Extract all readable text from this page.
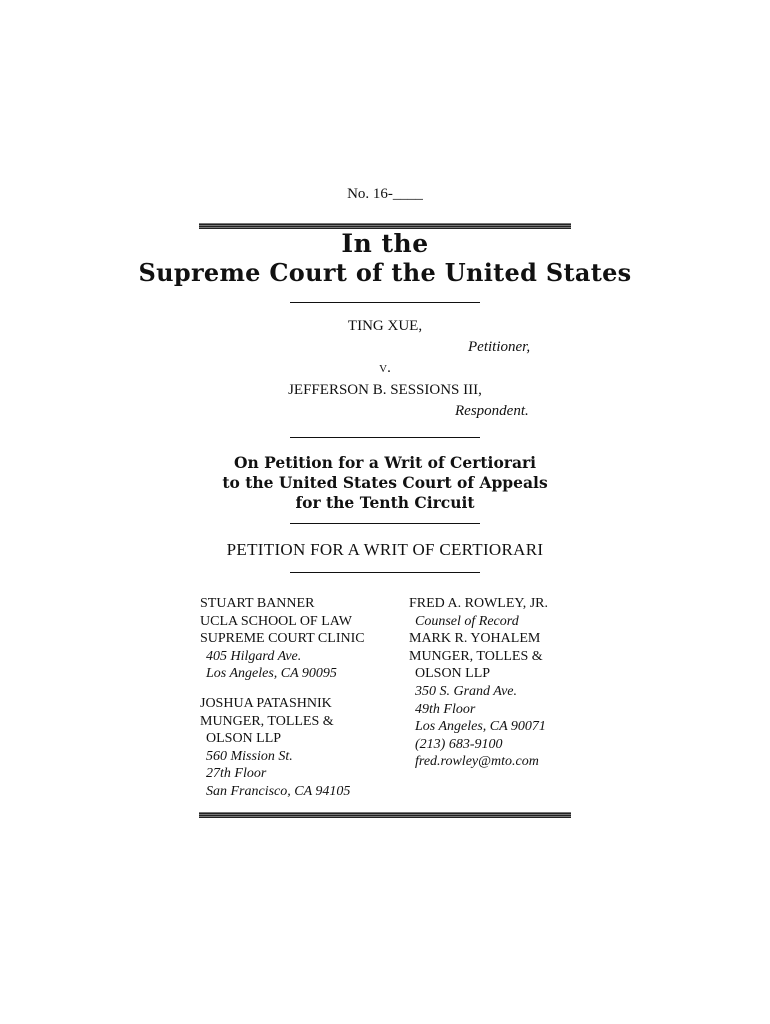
No. 16-____
In the
Supreme Court of the United States
TING XUE,
Petitioner,
v.
JEFFERSON B. SESSIONS III,
Respondent.
On Petition for a Writ of Certiorari
to the United States Court of Appeals
for the Tenth Circuit
PETITION FOR A WRIT OF CERTIORARI
STUART BANNER
UCLA SCHOOL OF LAW
SUPREME COURT CLINIC
405 Hilgard Ave.
Los Angeles, CA 90095
JOSHUA PATASHNIK
MUNGER, TOLLES &
OLSON LLP
560 Mission St.
27th Floor
San Francisco, CA 94105
FRED A. ROWLEY, JR.
Counsel of Record
MARK R. YOHALEM
MUNGER, TOLLES &
OLSON LLP
350 S. Grand Ave.
49th Floor
Los Angeles, CA 90071
(213) 683-9100
fred.rowley@mto.com
